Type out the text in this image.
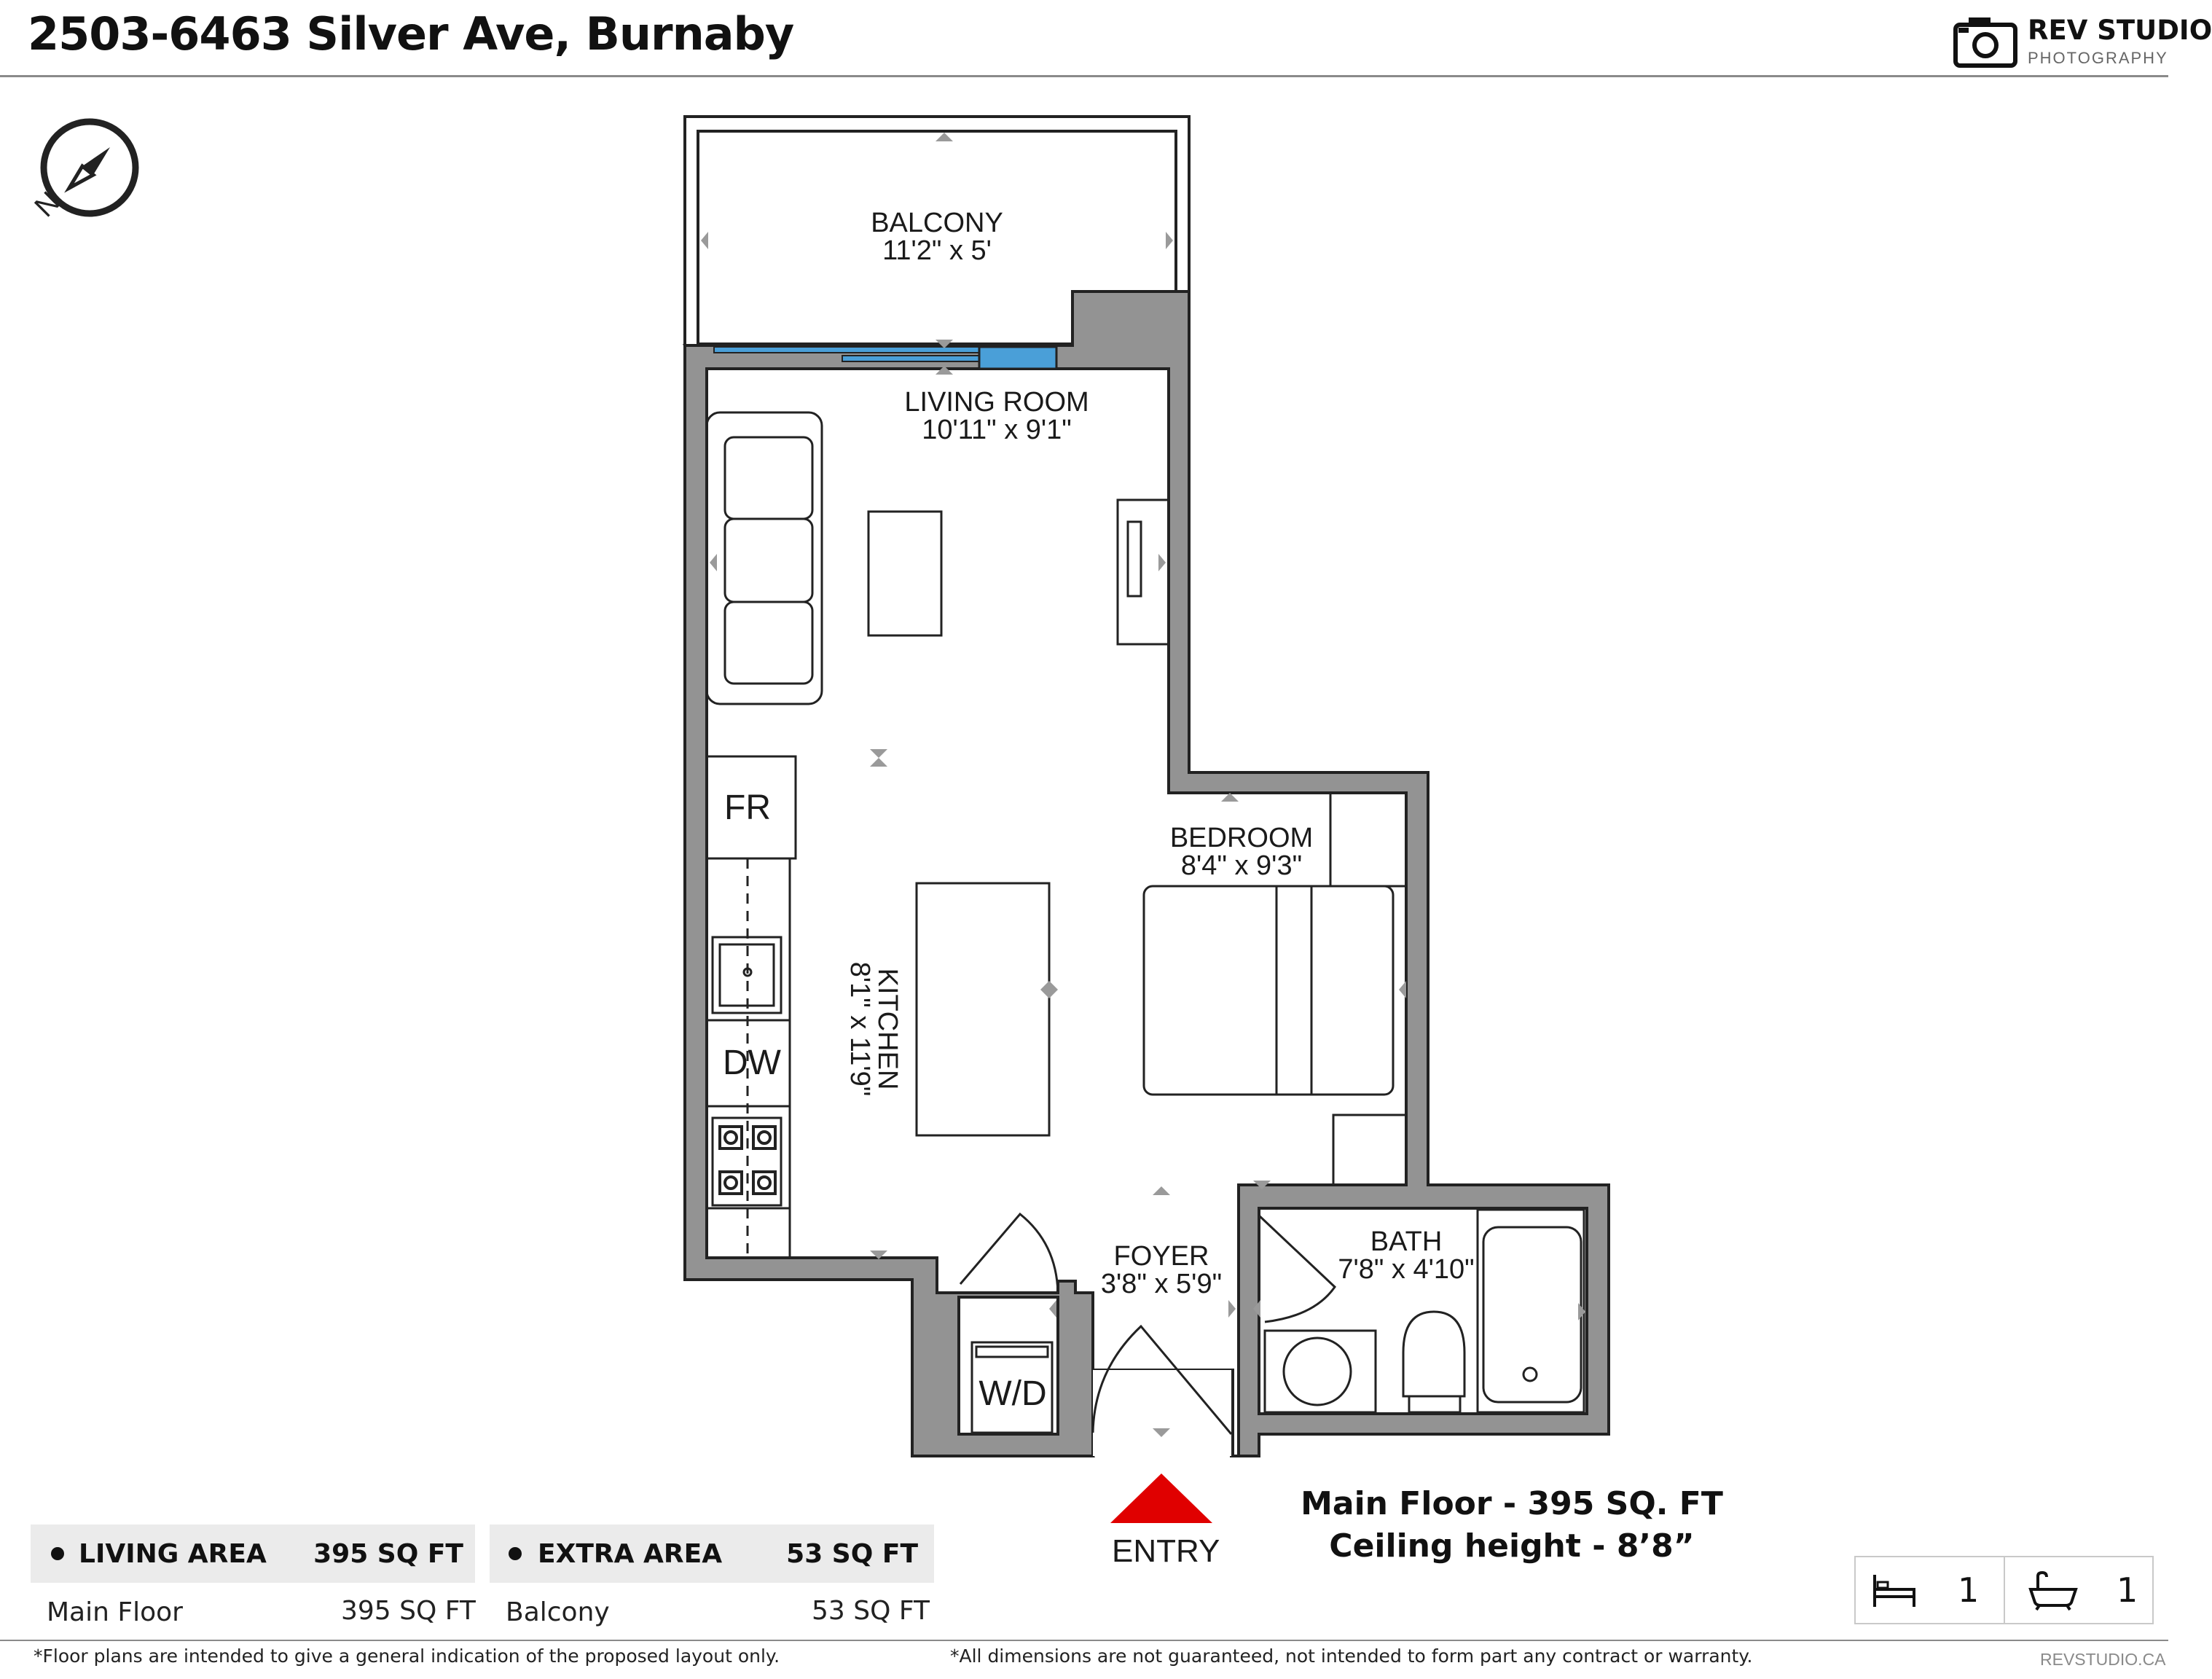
2503-6463 Silver Ave, Burnaby	REV STUDIO
PHOTOGRAPHY
N	BALCONY
11'2" x 5'
LIVING ROOM
10'11" x 9'1"
BEDROOM
8'4" x 9'3"
KITCHEN
8'1" x 11'9"
FOYER
3'8" x 5'9"
BATH
7'8" x 4'10"
FR
DW
W/D
ENTRY
LIVING AREA 395 SQ FT
Main Floor	395 SQ FT
EXTRA AREA 53 SQ FT
Balcony	53 SQ FT
Main Floor - 395 SQ. FT
Ceiling height - 8’8”
1	1
*Floor plans are intended to give a general indication of the proposed layout only.	*All dimensions are not guaranteed, not intended to form part any contract or warranty.	REVSTUDIO.CA
